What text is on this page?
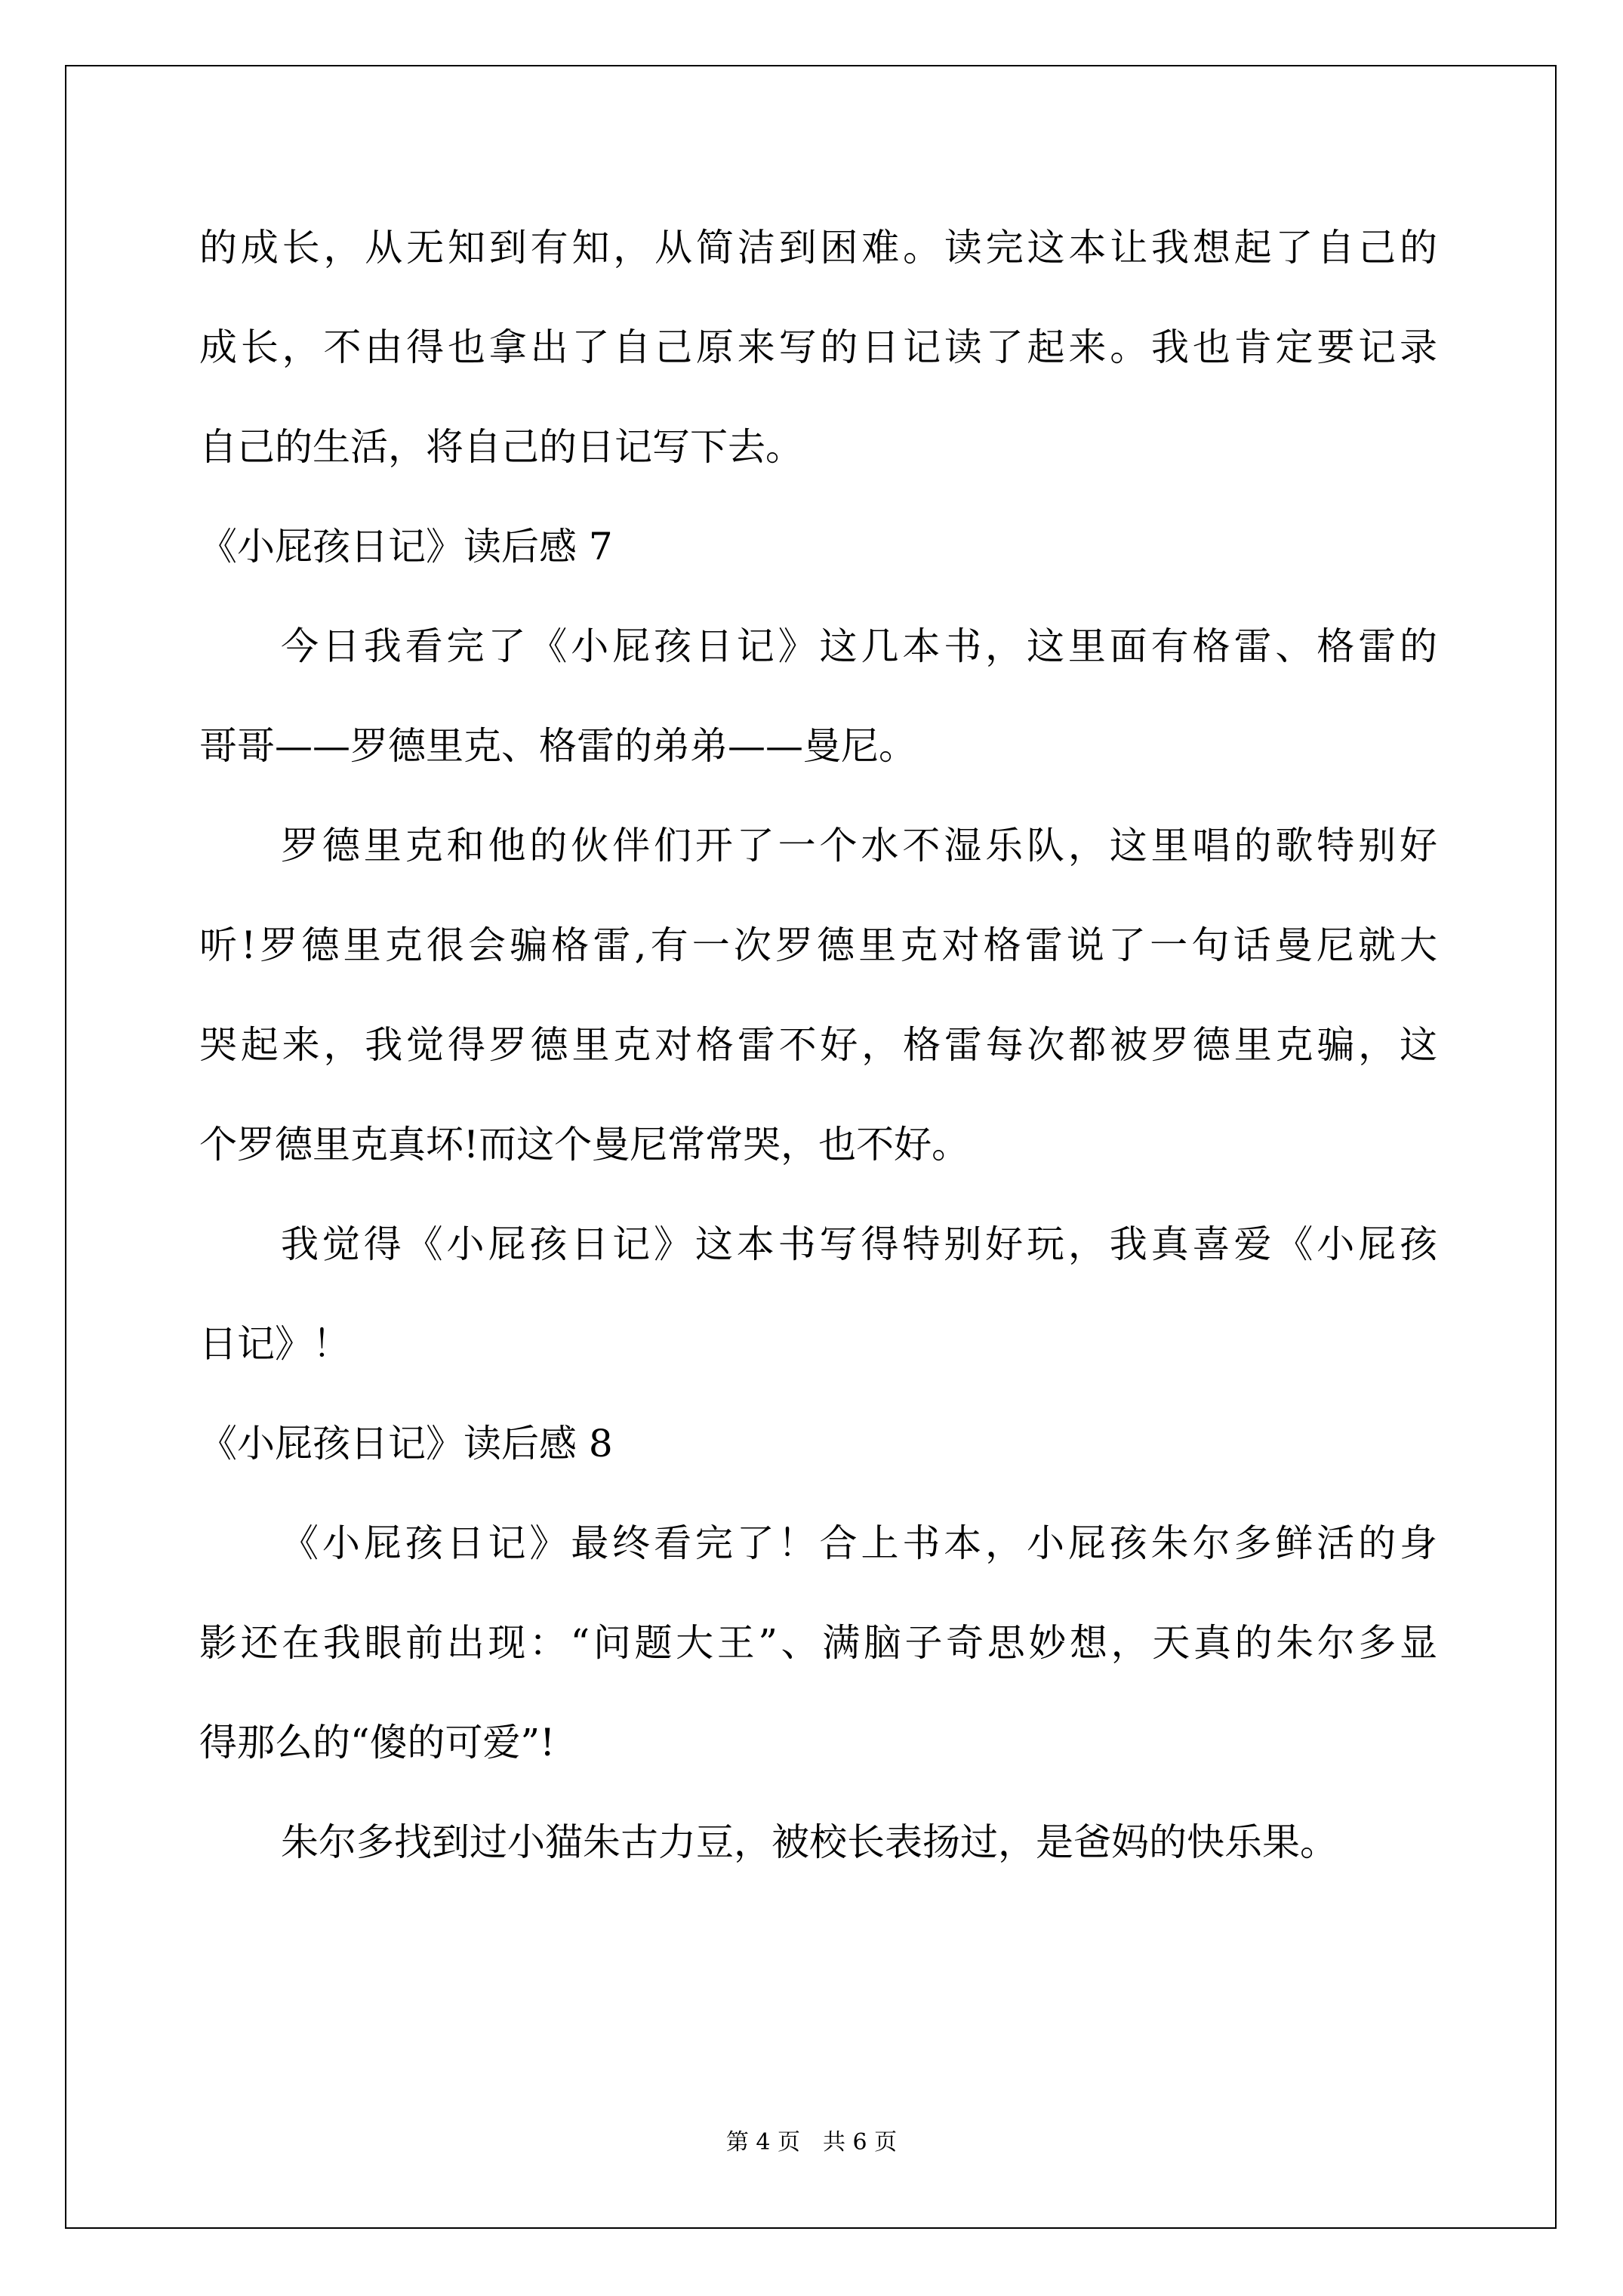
的成长，从无知到有知，从简洁到困难。读完这本让我想起了自己的
成长，不由得也拿出了自己原来写的日记读了起来。我也肯定要记录
自己的生活，将自己的日记写下去。
《小屁孩日记》读后感 7
今日我看完了《小屁孩日记》这几本书，这里面有格雷、格雷的
哥哥——罗德里克、格雷的弟弟——曼尼。
罗德里克和他的伙伴们开了一个水不湿乐队，这里唱的歌特别好
听!罗德里克很会骗格雷,有一次罗德里克对格雷说了一句话曼尼就大
哭起来，我觉得罗德里克对格雷不好，格雷每次都被罗德里克骗，这
个罗德里克真坏!而这个曼尼常常哭，也不好。
我觉得《小屁孩日记》这本书写得特别好玩，我真喜爱《小屁孩
日记》！
《小屁孩日记》读后感 8
《小屁孩日记》最终看完了！合上书本，小屁孩朱尔多鲜活的身
影还在我眼前出现：“问题大王”、满脑子奇思妙想，天真的朱尔多显
得那么的“傻的可爱”!
朱尔多找到过小猫朱古力豆，被校长表扬过，是爸妈的快乐果。
第 4 页 共 6 页
